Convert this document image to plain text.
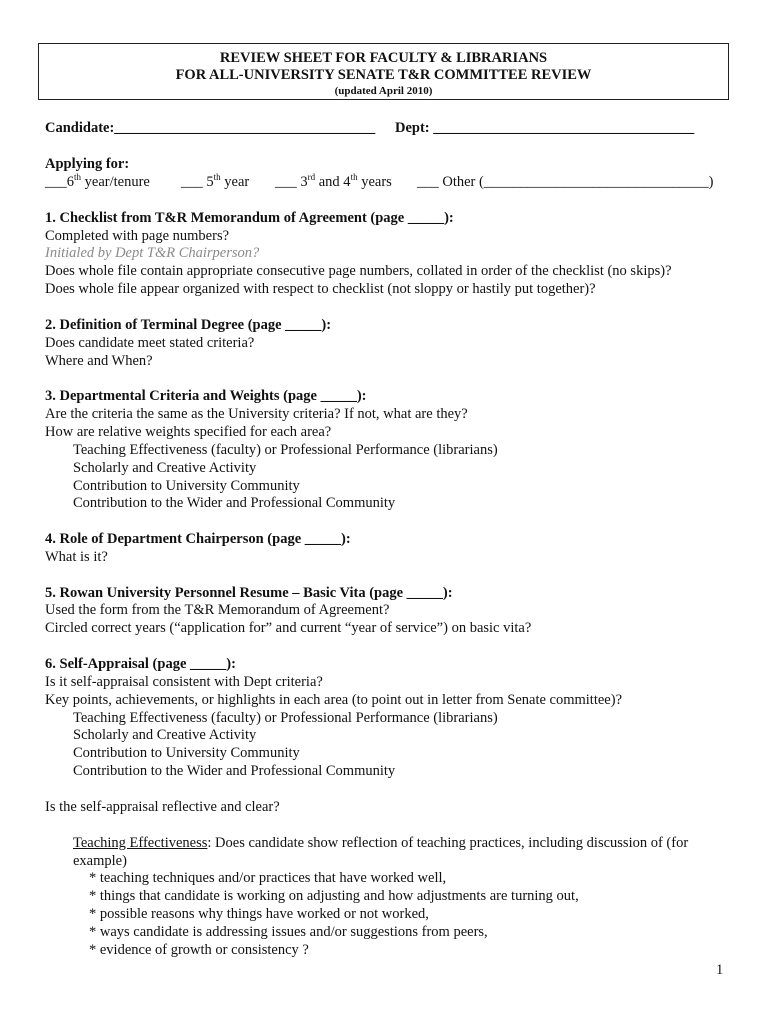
REVIEW SHEET FOR FACULTY & LIBRARIANS
FOR ALL-UNIVERSITY SENATE T&R COMMITTEE REVIEW
(updated April 2010)
Candidate:____________________________________ Dept: ____________________________________
Applying for:
___6th year/tenure ___ 5th year ___ 3rd and 4th years ___ Other (_______________________________)
1. Checklist from T&R Memorandum of Agreement (page _____):
Completed with page numbers?
Initialed by Dept T&R Chairperson?
Does whole file contain appropriate consecutive page numbers, collated in order of the checklist (no skips)?
Does whole file appear organized with respect to checklist (not sloppy or hastily put together)?
2. Definition of Terminal Degree (page _____):
Does candidate meet stated criteria?
Where and When?
3. Departmental Criteria and Weights (page _____):
Are the criteria the same as the University criteria? If not, what are they?
How are relative weights specified for each area?
Teaching Effectiveness (faculty) or Professional Performance (librarians)
Scholarly and Creative Activity
Contribution to University Community
Contribution to the Wider and Professional Community
4. Role of Department Chairperson (page _____):
What is it?
5. Rowan University Personnel Resume – Basic Vita (page _____):
Used the form from the T&R Memorandum of Agreement?
Circled correct years (“application for” and current “year of service”) on basic vita?
6. Self-Appraisal (page _____):
Is it self-appraisal consistent with Dept criteria?
Key points, achievements, or highlights in each area (to point out in letter from Senate committee)?
Teaching Effectiveness (faculty) or Professional Performance (librarians)
Scholarly and Creative Activity
Contribution to University Community
Contribution to the Wider and Professional Community
Is the self-appraisal reflective and clear?
Teaching Effectiveness: Does candidate show reflection of teaching practices, including discussion of (for
example)
* teaching techniques and/or practices that have worked well,
* things that candidate is working on adjusting and how adjustments are turning out,
* possible reasons why things have worked or not worked,
* ways candidate is addressing issues and/or suggestions from peers,
* evidence of growth or consistency ?
1
